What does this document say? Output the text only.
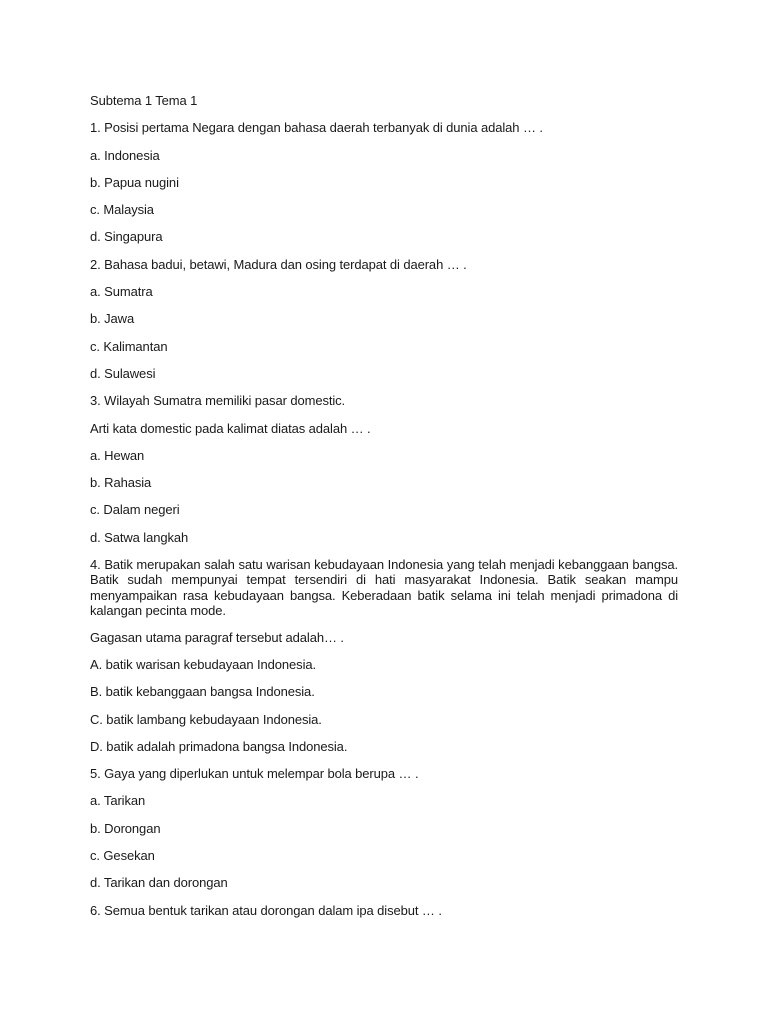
Subtema 1 Tema 1
1. Posisi pertama Negara dengan bahasa daerah terbanyak di dunia adalah … .
a. Indonesia
b. Papua nugini
c. Malaysia
d. Singapura
2. Bahasa badui, betawi, Madura dan osing terdapat di daerah … .
a. Sumatra
b. Jawa
c. Kalimantan
d. Sulawesi
3. Wilayah Sumatra memiliki pasar domestic.
Arti kata domestic pada kalimat diatas adalah … .
a. Hewan
b. Rahasia
c. Dalam negeri
d. Satwa langkah
4. Batik merupakan salah satu warisan kebudayaan Indonesia yang telah menjadi kebanggaan bangsa. Batik sudah mempunyai tempat tersendiri di hati masyarakat Indonesia. Batik seakan mampu menyampaikan rasa kebudayaan bangsa. Keberadaan batik selama ini telah menjadi primadona di kalangan pecinta mode.
Gagasan utama paragraf tersebut adalah… .
A. batik warisan kebudayaan Indonesia.
B. batik kebanggaan bangsa Indonesia.
C. batik lambang kebudayaan Indonesia.
D. batik adalah primadona bangsa Indonesia.
5. Gaya yang diperlukan untuk melempar bola berupa … .
a. Tarikan
b. Dorongan
c. Gesekan
d. Tarikan dan dorongan
6. Semua bentuk tarikan atau dorongan dalam ipa disebut … .
